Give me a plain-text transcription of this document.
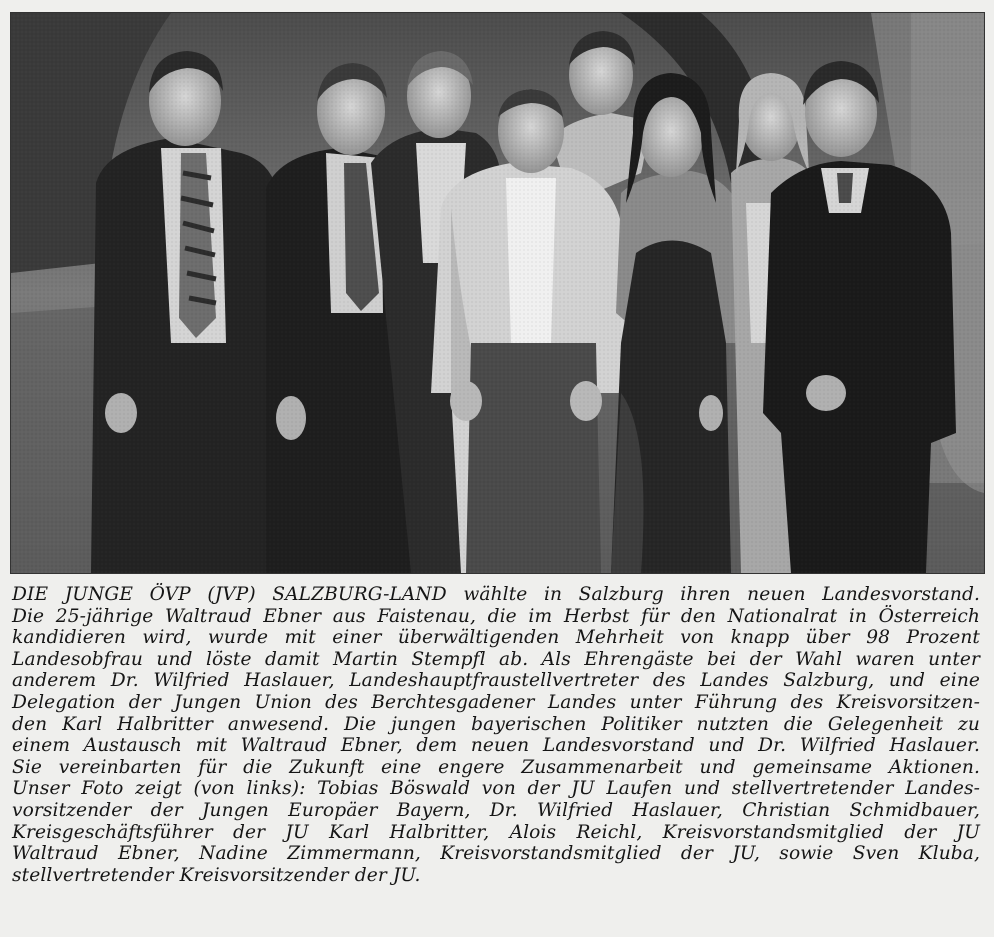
DIE JUNGE ÖVP (JVP) SALZBURG-LAND wählte in Salzburg ihren neuen Landesvorstand.
Die 25-jährige Waltraud Ebner aus Faistenau, die im Herbst für den Nationalrat in Österreich
kandidieren wird, wurde mit einer überwältigenden Mehrheit von knapp über 98 Prozent
Landesobfrau und löste damit Martin Stempfl ab. Als Ehrengäste bei der Wahl waren unter
anderem Dr. Wilfried Haslauer, Landeshauptfraustellvertreter des Landes Salzburg, und eine
Delegation der Jungen Union des Berchtesgadener Landes unter Führung des Kreisvorsitzen-
den Karl Halbritter anwesend. Die jungen bayerischen Politiker nutzten die Gelegenheit zu
einem Austausch mit Waltraud Ebner, dem neuen Landesvorstand und Dr. Wilfried Haslauer.
Sie vereinbarten für die Zukunft eine engere Zusammenarbeit und gemeinsame Aktionen.
Unser Foto zeigt (von links): Tobias Böswald von der JU Laufen und stellvertretender Landes-
vorsitzender der Jungen Europäer Bayern, Dr. Wilfried Haslauer, Christian Schmidbauer,
Kreisgeschäftsführer der JU Karl Halbritter, Alois Reichl, Kreisvorstandsmitglied der JU
Waltraud Ebner, Nadine Zimmermann, Kreisvorstandsmitglied der JU, sowie Sven Kluba,
stellvertretender Kreisvorsitzender der JU.
